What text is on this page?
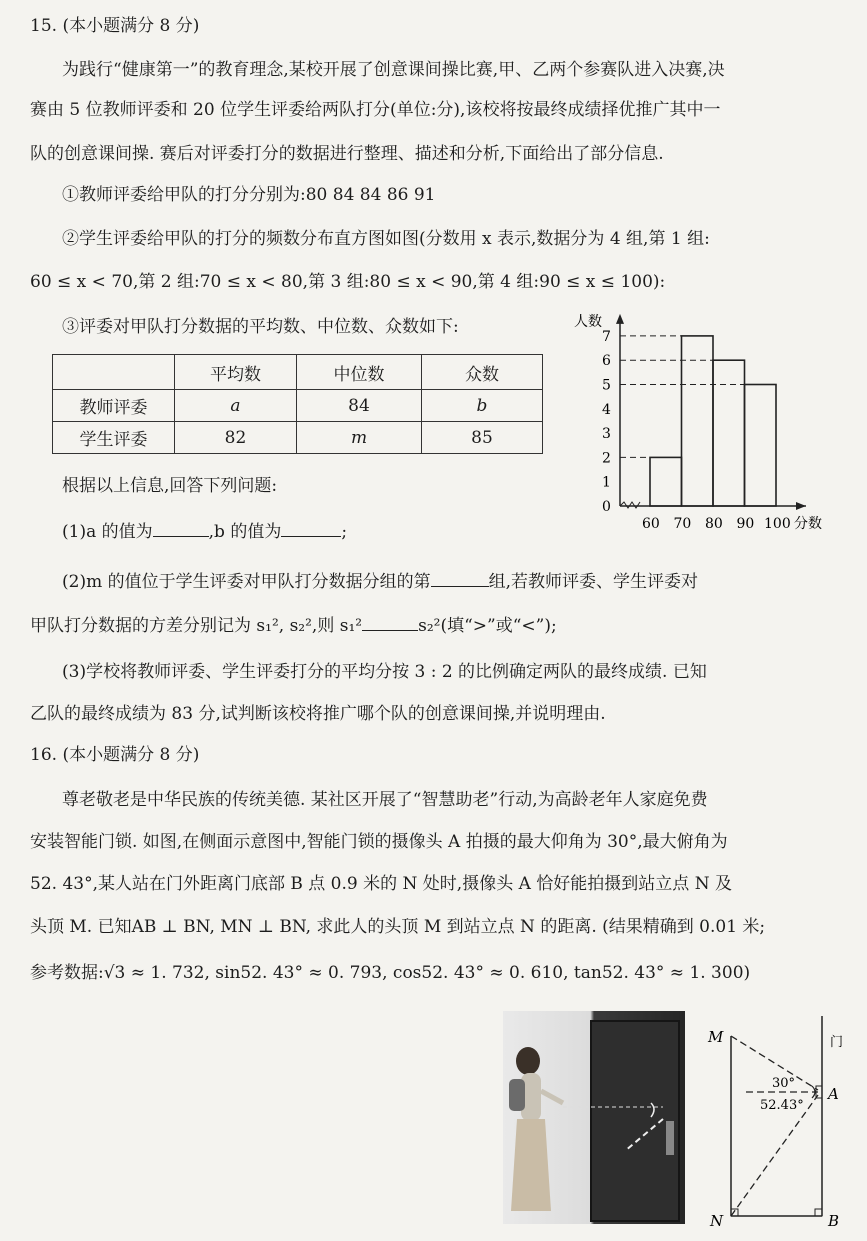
15. (本小题满分 8 分)
为践行“健康第一”的教育理念,某校开展了创意课间操比赛,甲、乙两个参赛队进入决赛,决
赛由 5 位教师评委和 20 位学生评委给两队打分(单位:分),该校将按最终成绩择优推广其中一
队的创意课间操. 赛后对评委打分的数据进行整理、描述和分析,下面给出了部分信息.
①教师评委给甲队的打分分别为:80 84 84 86 91
②学生评委给甲队的打分的频数分布直方图如图(分数用 x 表示,数据分为 4 组,第 1 组:
60 ≤ x < 70,第 2 组:70 ≤ x < 80,第 3 组:80 ≤ x < 90,第 4 组:90 ≤ x ≤ 100):
③评委对甲队打分数据的平均数、中位数、众数如下:
	平均数	中位数	众数
教师评委	a	84	b
学生评委	82	m	85
0
1
2
3
4
5
6
7
人数
60 70 80 90 100 分数
根据以上信息,回答下列问题:
(1)a 的值为	,b 的值为	;
(2)m 的值位于学生评委对甲队打分数据分组的第	组,若教师评委、学生评委对
甲队打分数据的方差分别记为 s₁², s₂²,则 s₁²	s₂²(填“>”或“<”);
(3)学校将教师评委、学生评委打分的平均分按 3 : 2 的比例确定两队的最终成绩. 已知
乙队的最终成绩为 83 分,试判断该校将推广哪个队的创意课间操,并说明理由.
16. (本小题满分 8 分)
尊老敬老是中华民族的传统美德. 某社区开展了“智慧助老”行动,为高龄老年人家庭免费
安装智能门锁. 如图,在侧面示意图中,智能门锁的摄像头 A 拍摄的最大仰角为 30°,最大俯角为
52. 43°,某人站在门外距离门底部 B 点 0.9 米的 N 处时,摄像头 A 恰好能拍摄到站立点 N 及
头顶 M. 已知AB ⊥ BN, MN ⊥ BN, 求此人的头顶 M 到站立点 N 的距离. (结果精确到 0.01 米;
参考数据:√3 ≈ 1. 732, sin52. 43° ≈ 0. 793, cos52. 43° ≈ 0. 610, tan52. 43° ≈ 1. 300)
M
N
A
B
门
30°
52.43°
